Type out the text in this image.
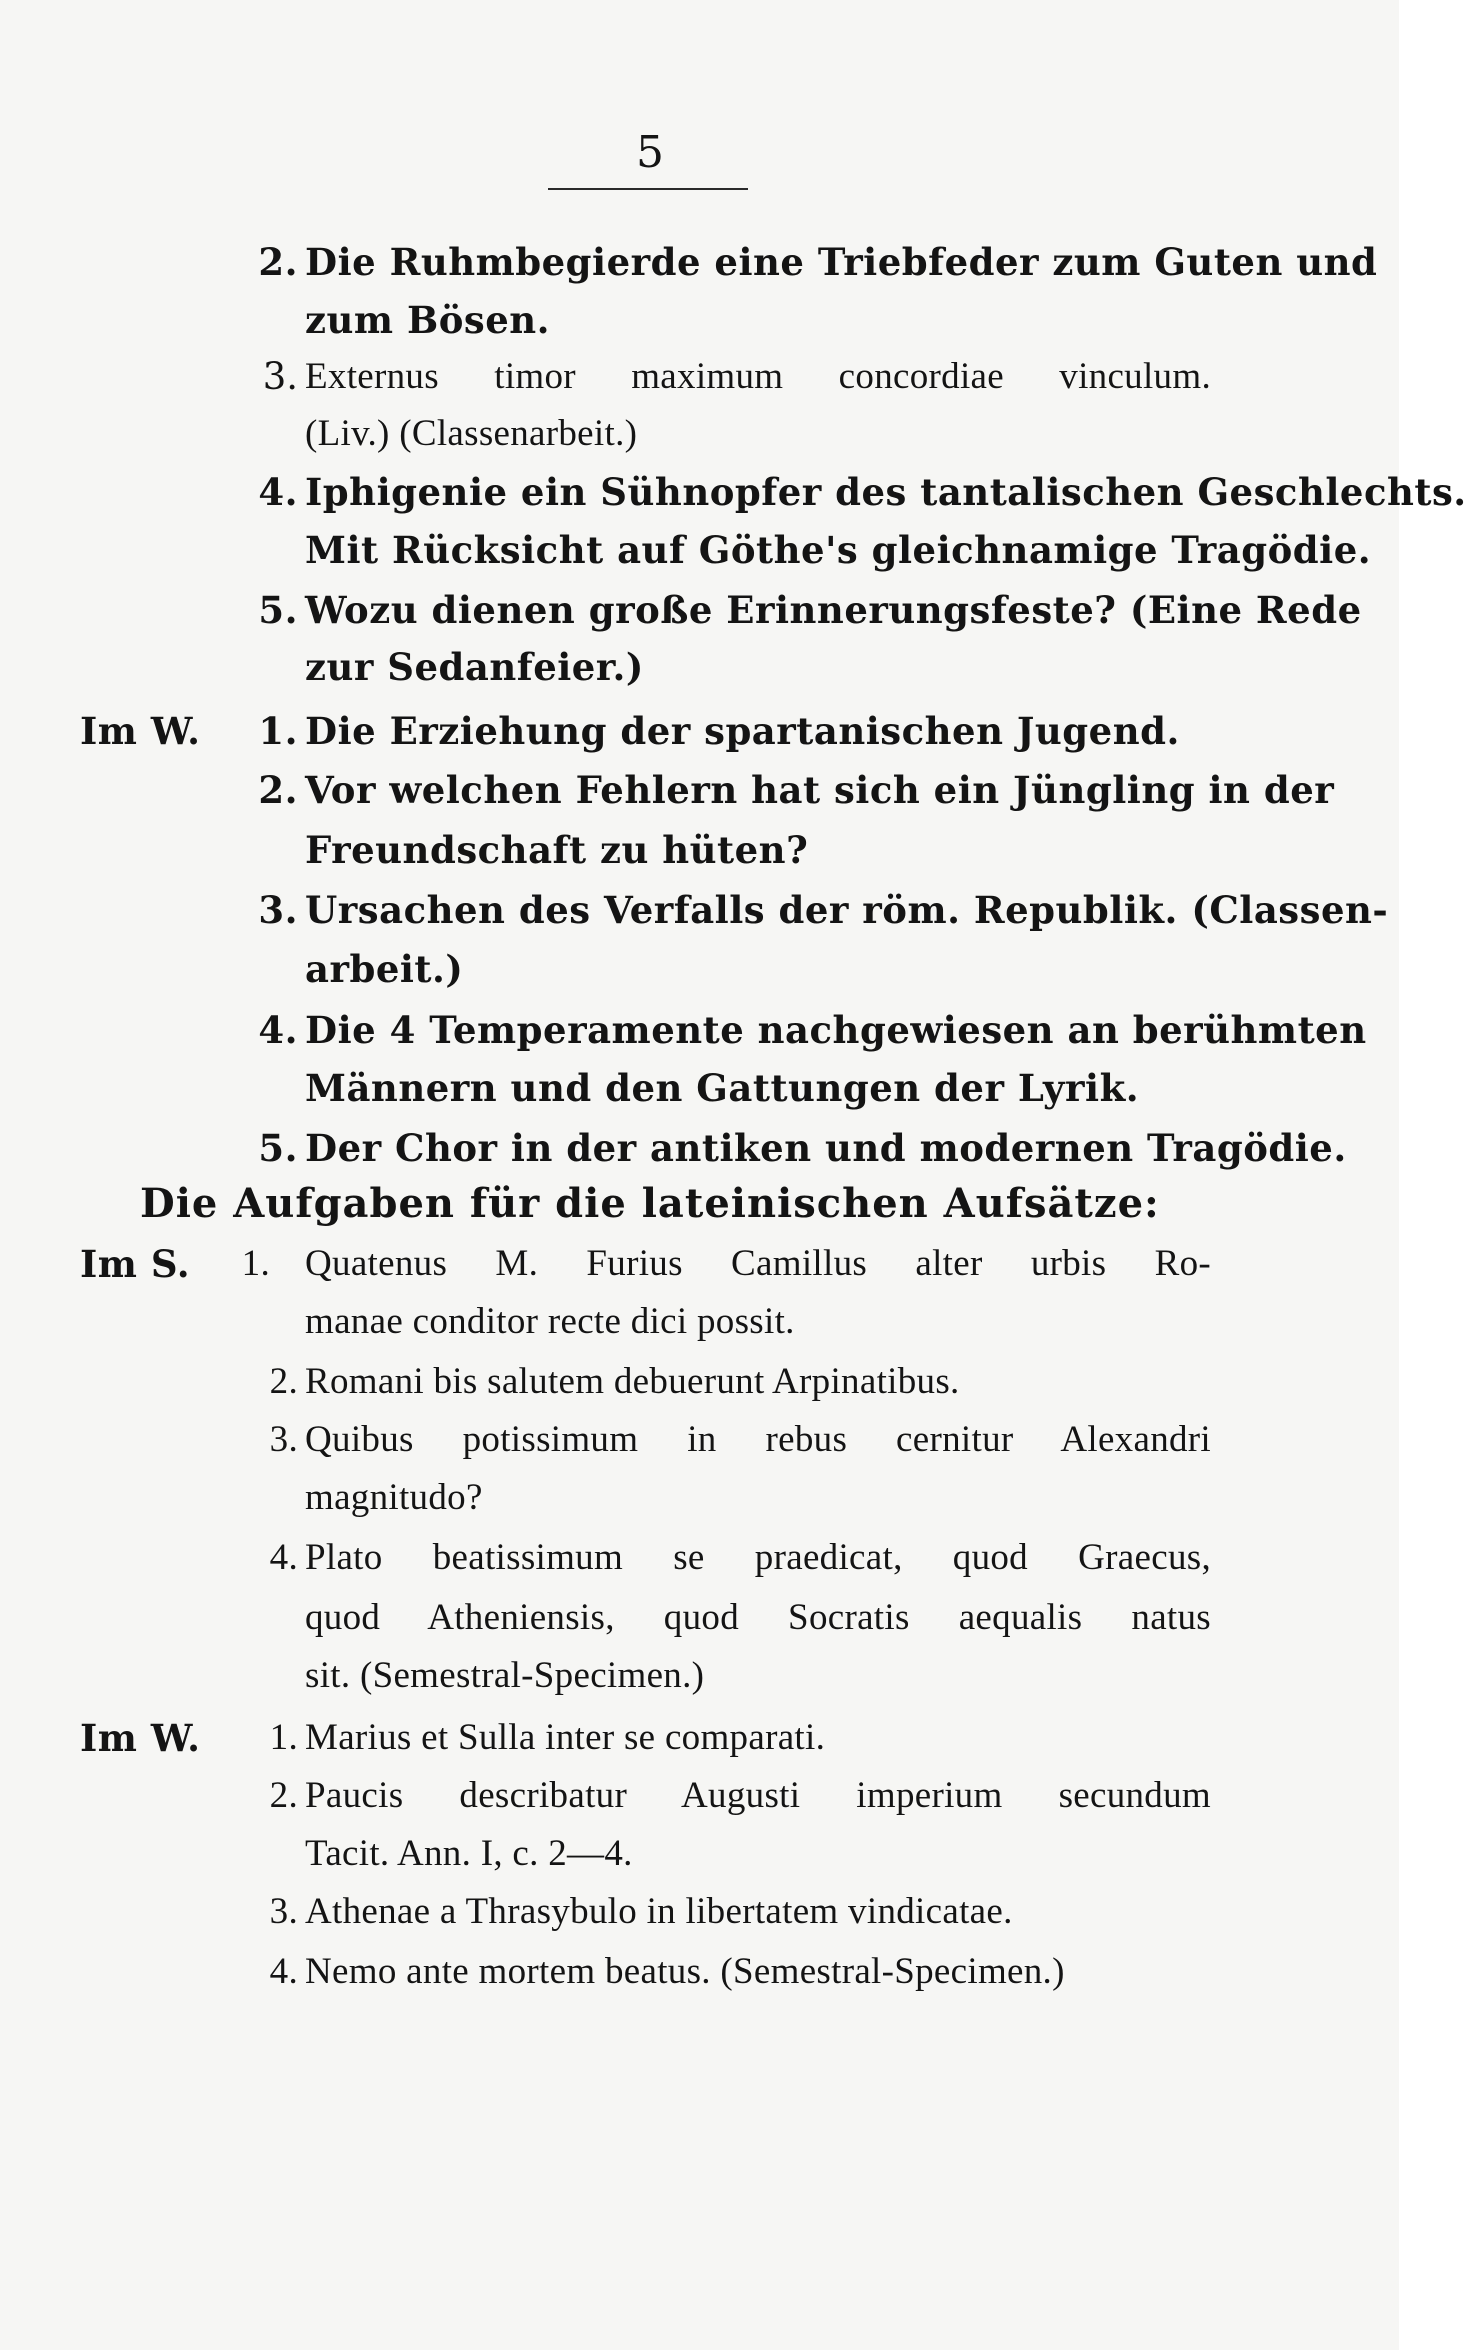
5
2. Die Ruhmbegierde eine Triebfeder zum Guten und
zum Bösen.
3. Externus timor maximum concordiae vinculum.
(Liv.) (Classenarbeit.)
4. Iphigenie ein Sühnopfer des tantalischen Geschlechts.
Mit Rücksicht auf Göthe's gleichnamige Tragödie.
5. Wozu dienen große Erinnerungsfeste? (Eine Rede
zur Sedanfeier.)
Im W. 1. Die Erziehung der spartanischen Jugend.
2. Vor welchen Fehlern hat sich ein Jüngling in der
Freundschaft zu hüten?
3. Ursachen des Verfalls der röm. Republik. (Classen-
arbeit.)
4. Die 4 Temperamente nachgewiesen an berühmten
Männern und den Gattungen der Lyrik.
5. Der Chor in der antiken und modernen Tragödie.
Die Aufgaben für die lateinischen Aufsätze:
Im S.	1. Quatenus M. Furius Camillus alter urbis Ro-
manae conditor recte dici possit.
2. Romani bis salutem debuerunt Arpinatibus.
3. Quibus potissimum in rebus cernitur Alexandri
magnitudo?
4. Plato beatissimum se praedicat, quod Graecus,
quod Atheniensis, quod Socratis aequalis natus
sit. (Semestral-Specimen.)
Im W.	1. Marius et Sulla inter se comparati.
2. Paucis describatur Augusti imperium secundum
Tacit. Ann. I, c. 2—4.
3. Athenae a Thrasybulo in libertatem vindicatae.
4. Nemo ante mortem beatus. (Semestral-Specimen.)
